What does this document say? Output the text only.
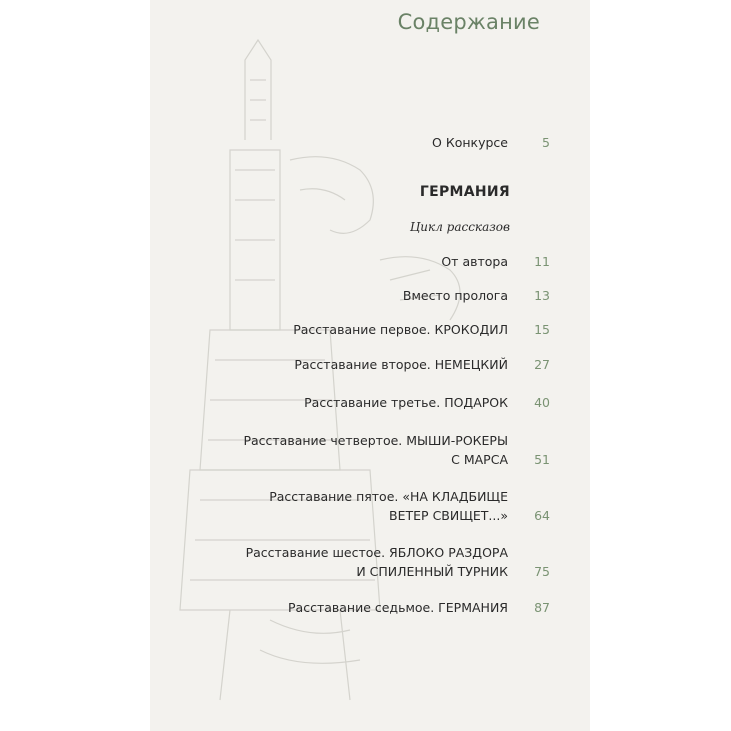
Содержание
О Конкурсе	5
ГЕРМАНИЯ
Цикл рассказов
От автора	11
Вместо пролога	13
Расставание первое. КРОКОДИЛ	15
Расставание второе. НЕМЕЦКИЙ	27
Расставание третье. ПОДАРОК	40
Расставание четвертое. МЫШИ-РОКЕРЫ
С МАРСА	51
Расставание пятое. «НА КЛАДБИЩЕ
ВЕТЕР СВИЩЕТ...»	64
Расставание шестое. ЯБЛОКО РАЗДОРА
И СПИЛЕННЫЙ ТУРНИК	75
Расставание седьмое. ГЕРМАНИЯ	87
